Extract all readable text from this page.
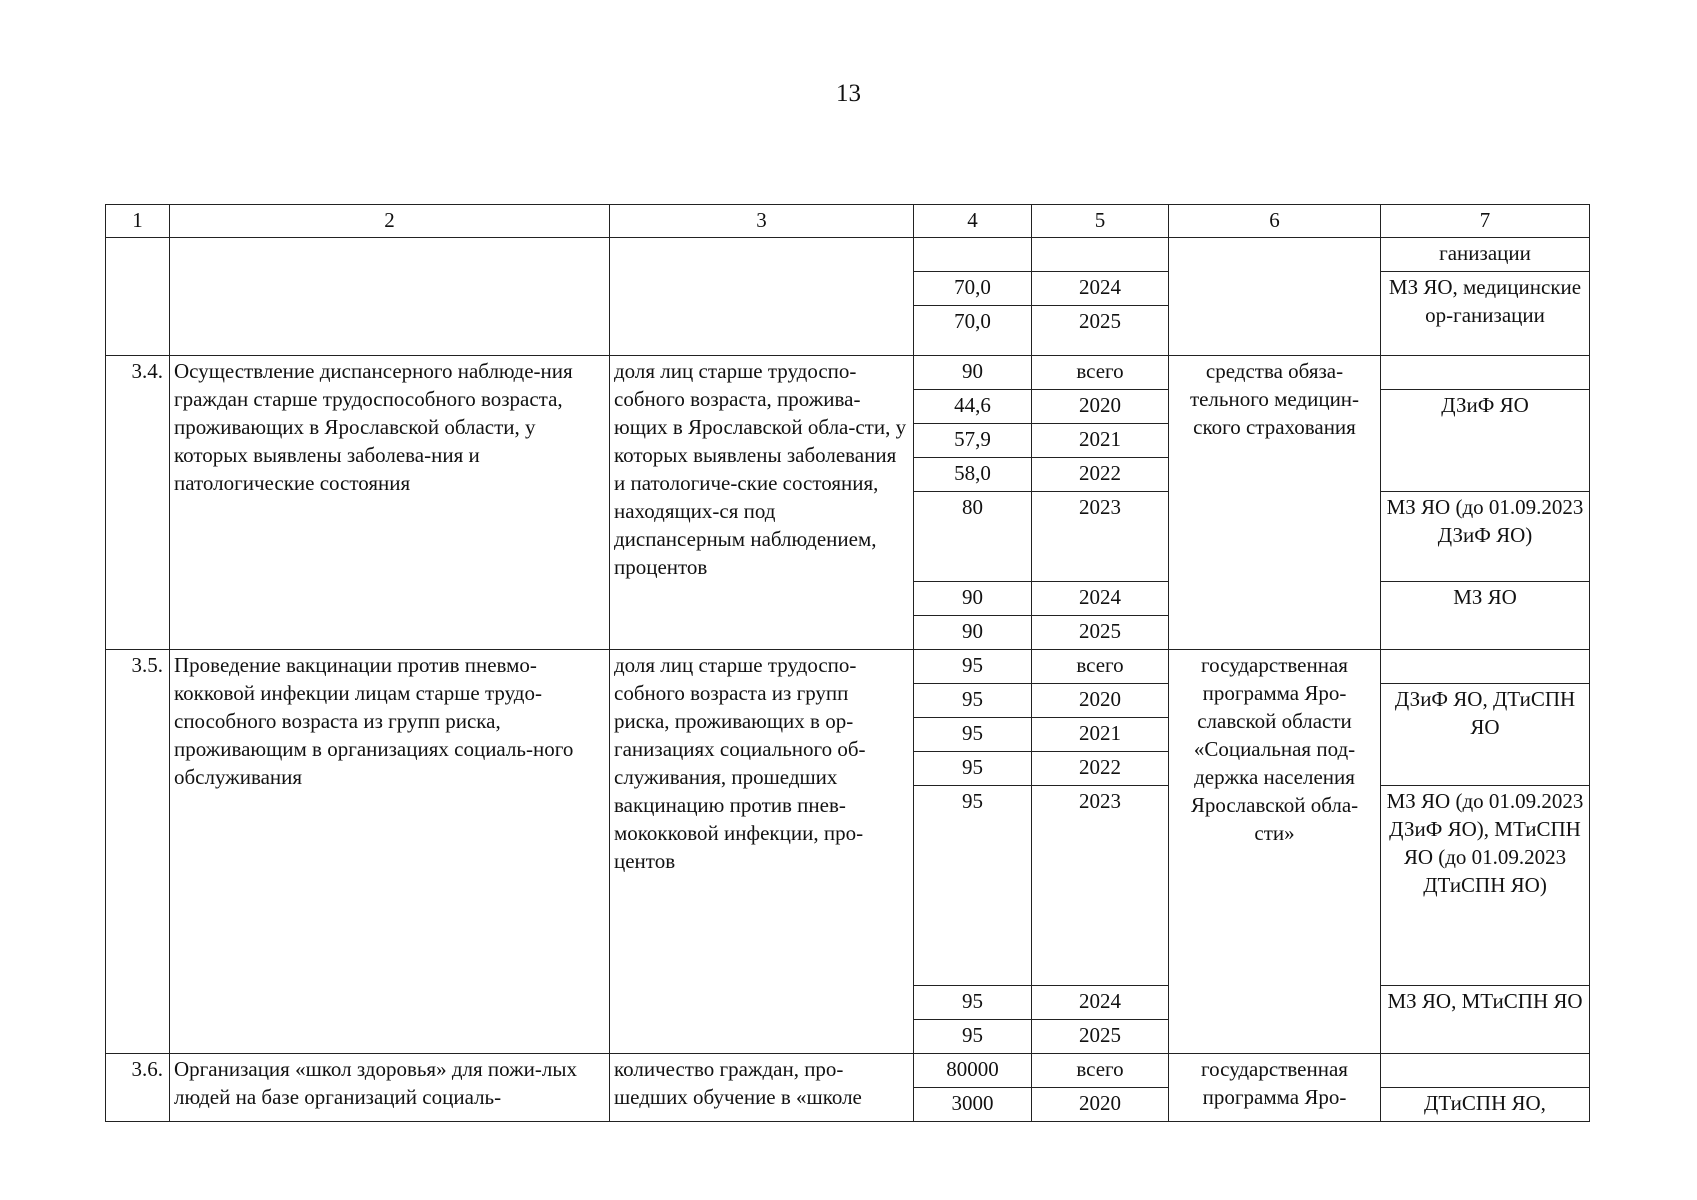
13
1	2	3	4	5	6	7
						ганизации
			70,0	2024		МЗ ЯО, медицинские ор-ганизации
			70,0	2025		
3.4.	Осуществление диспансерного наблюде-ния граждан старше трудоспособного возраста, проживающих в Ярославской области, у которых выявлены заболева-ния и патологические состояния	доля лиц старше трудоспо-собного возраста, прожива-ющих в Ярославской обла-сти, у которых выявлены заболевания и патологиче-ские состояния, находящих-ся под диспансерным наблюдением, процентов	90	всего	средства обяза-тельного медицин-ского страхования	
			44,6	2020		ДЗиФ ЯО
			57,9	2021		
			58,0	2022		
			80	2023		МЗ ЯО (до 01.09.2023 ДЗиФ ЯО)
			90	2024		МЗ ЯО
			90	2025		
3.5.	Проведение вакцинации против пневмо-кокковой инфекции лицам старше трудо-способного возраста из групп риска, проживающим в организациях социаль-ного обслуживания	доля лиц старше трудоспо-собного возраста из групп риска, проживающих в ор-ганизациях социального об-служивания, прошедших вакцинацию против пнев-мококковой инфекции, про-центов	95	всего	государственная программа Яро-славской области «Социальная под-держка населения Ярославской обла-сти»	
			95	2020		ДЗиФ ЯО, ДТиСПН ЯО
			95	2021		
			95	2022		
			95	2023		МЗ ЯО (до 01.09.2023 ДЗиФ ЯО), МТиСПН ЯО (до 01.09.2023 ДТиСПН ЯО)
			95	2024		МЗ ЯО, МТиСПН ЯО
			95	2025		
3.6.	Организация «школ здоровья» для пожи-лых людей на базе организаций социаль-	количество граждан, про-шедших обучение в «школе	80000	всего	государственная программа Яро-	
			3000	2020		ДТиСПН ЯО,
